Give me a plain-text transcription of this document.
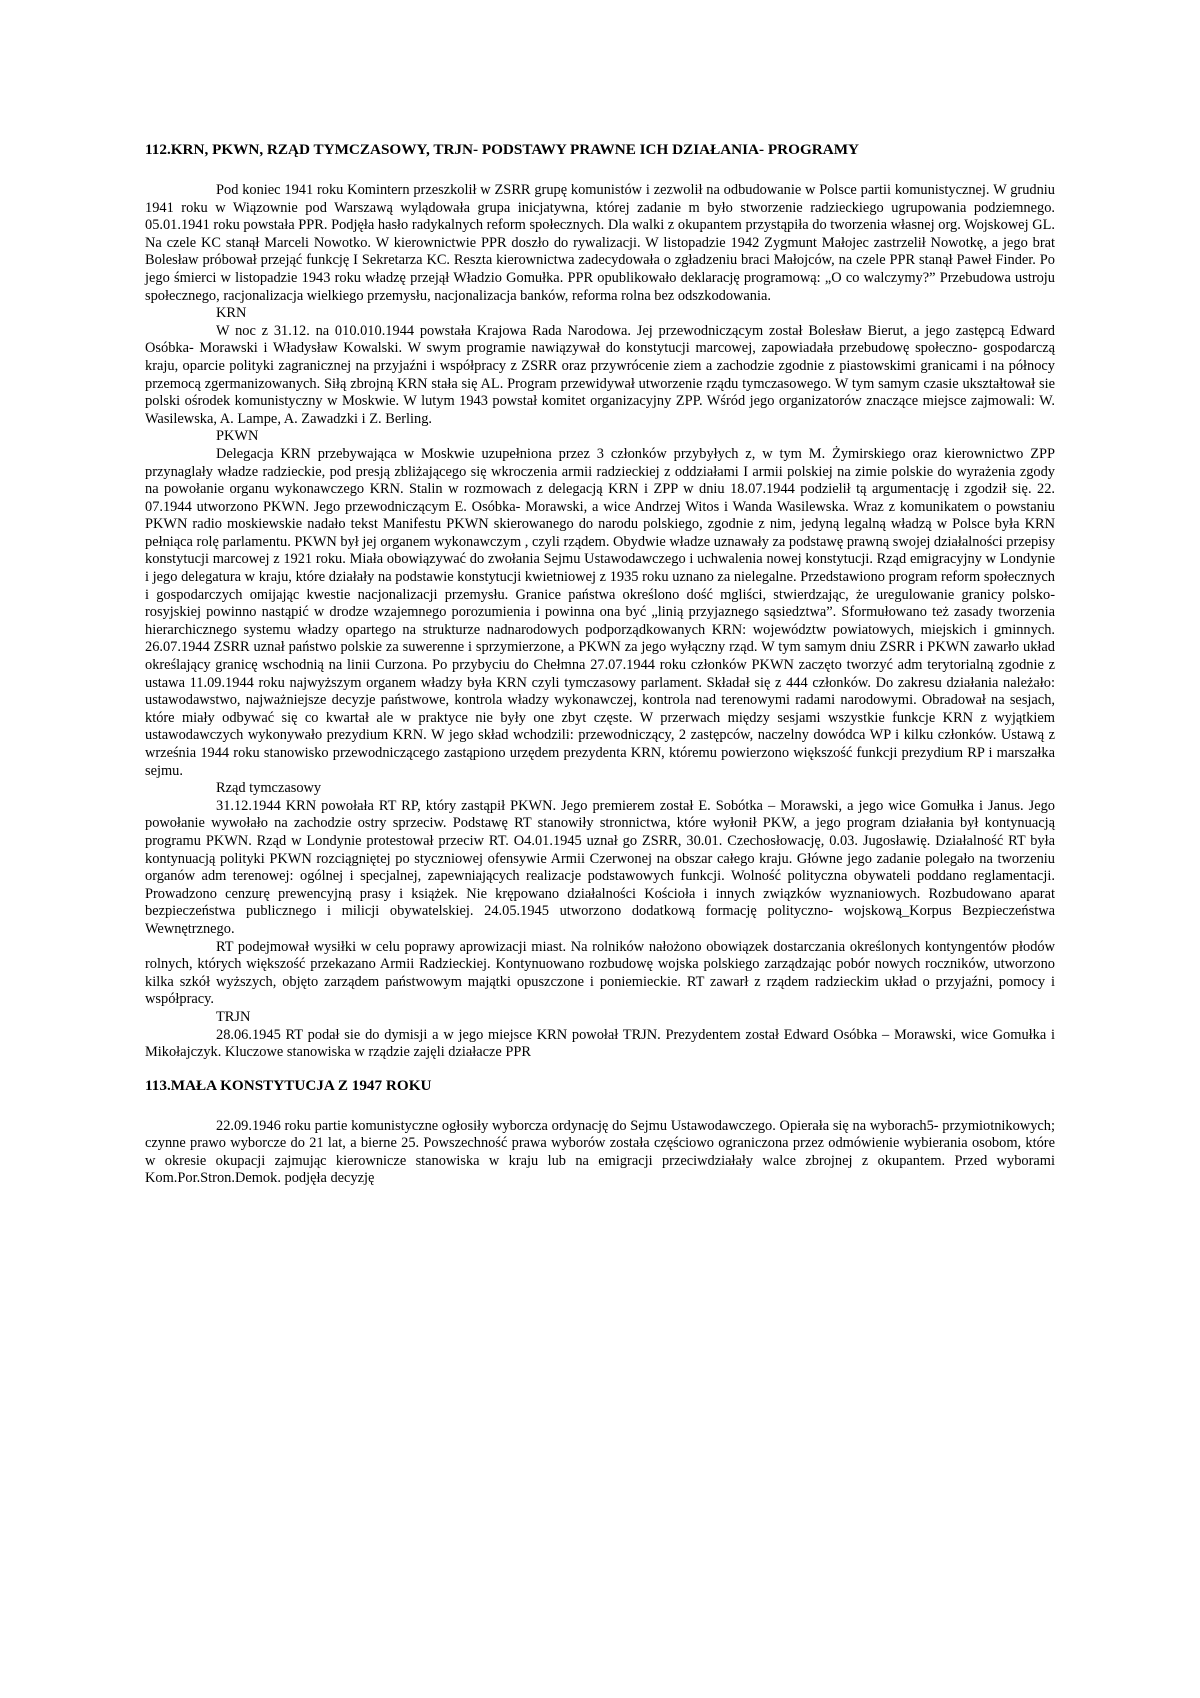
112.KRN, PKWN, RZĄD TYMCZASOWY, TRJN- PODSTAWY PRAWNE ICH DZIAŁANIA- PROGRAMY

Pod koniec 1941 roku Komintern przeszkolił w ZSRR grupę komunistów i zezwolił na odbudowanie w Polsce partii komunistycznej. W grudniu 1941 roku w Wiązownie pod Warszawą wylądowała grupa inicjatywna, której zadanie m było stworzenie radzieckiego ugrupowania podziemnego. 05.01.1941 roku powstała PPR. Podjęła hasło radykalnych reform społecznych. Dla walki z okupantem przystąpiła do tworzenia własnej org. Wojskowej GL. Na czele KC stanął Marceli Nowotko. W kierownictwie PPR doszło do rywalizacji. W listopadzie 1942 Zygmunt Małojec zastrzelił Nowotkę, a jego brat Bolesław próbował przejąć funkcję I Sekretarza KC. Reszta kierownictwa zadecydowała o zgładzeniu braci Małojców, na czele PPR stanął Paweł Finder. Po jego śmierci w listopadzie 1943 roku władzę przejął Władzio Gomułka. PPR opublikowało deklarację programową: „O co walczymy?” Przebudowa ustroju społecznego, racjonalizacja wielkiego przemysłu, nacjonalizacja banków, reforma rolna bez odszkodowania.

KRN

W noc z 31.12. na 010.010.1944 powstała Krajowa Rada Narodowa. Jej przewodniczącym został Bolesław Bierut, a jego zastępcą Edward Osóbka- Morawski i Władysław Kowalski. W swym programie nawiązywał do konstytucji marcowej, zapowiadała przebudowę społeczno- gospodarczą kraju, oparcie polityki zagranicznej na przyjaźni i współpracy z ZSRR oraz przywrócenie ziem a zachodzie zgodnie z piastowskimi granicami i na północy przemocą zgermanizowanych. Siłą zbrojną KRN stała się AL. Program przewidywał utworzenie rządu tymczasowego. W tym samym czasie ukształtował sie polski ośrodek komunistyczny w Moskwie. W lutym 1943 powstał komitet organizacyjny ZPP. Wśród jego organizatorów znaczące miejsce zajmowali: W. Wasilewska, A. Lampe, A. Zawadzki i Z. Berling.

PKWN

Delegacja KRN przebywająca w Moskwie uzupełniona przez 3 członków przybyłych z, w tym M. Żymirskiego oraz kierownictwo ZPP przynaglały władze radzieckie, pod presją zbliżającego się wkroczenia armii radzieckiej z oddziałami I armii polskiej na zimie polskie do wyrażenia zgody na powołanie organu wykonawczego KRN. Stalin w rozmowach z delegacją KRN i ZPP w dniu 18.07.1944 podzielił tą argumentację i zgodził się. 22. 07.1944 utworzono PKWN. Jego przewodniczącym E. Osóbka- Morawski, a wice Andrzej Witos i Wanda Wasilewska. Wraz z komunikatem o powstaniu PKWN radio moskiewskie nadało tekst Manifestu PKWN skierowanego do narodu polskiego, zgodnie z nim, jedyną legalną władzą w Polsce była KRN pełniąca rolę parlamentu. PKWN był jej organem wykonawczym , czyli rządem. Obydwie władze uznawały za podstawę prawną swojej działalności przepisy konstytucji marcowej z 1921 roku. Miała obowiązywać do zwołania Sejmu Ustawodawczego i uchwalenia nowej konstytucji. Rząd emigracyjny w Londynie i jego delegatura w kraju, które działały na podstawie konstytucji kwietniowej z 1935 roku uznano za nielegalne. Przedstawiono program reform społecznych i gospodarczych omijając kwestie nacjonalizacji przemysłu. Granice państwa określono dość mgliści, stwierdzając, że uregulowanie granicy polsko- rosyjskiej powinno nastąpić w drodze wzajemnego porozumienia i powinna ona być „linią przyjaznego sąsiedztwa”. Sformułowano też zasady tworzenia hierarchicznego systemu władzy opartego na strukturze nadnarodowych podporządkowanych KRN: województw powiatowych, miejskich i gminnych. 26.07.1944 ZSRR uznał państwo polskie za suwerenne i sprzymierzone, a PKWN za jego wyłączny rząd. W tym samym dniu ZSRR i PKWN zawarło układ określający granicę wschodnią na linii Curzona. Po przybyciu do Chełmna 27.07.1944 roku członków PKWN zaczęto tworzyć adm terytorialną zgodnie z ustawa 11.09.1944 roku najwyższym organem władzy była KRN czyli tymczasowy parlament. Składał się z 444 członków. Do zakresu działania należało: ustawodawstwo, najważniejsze decyzje państwowe, kontrola władzy wykonawczej, kontrola nad terenowymi radami narodowymi. Obradował na sesjach, które miały odbywać się co kwartał ale w praktyce nie były one zbyt częste. W przerwach między sesjami wszystkie funkcje KRN z wyjątkiem ustawodawczych wykonywało prezydium KRN. W jego skład wchodzili: przewodniczący, 2 zastępców, naczelny dowódca WP i kilku członków. Ustawą z września 1944 roku stanowisko przewodniczącego zastąpiono urzędem prezydenta KRN, któremu powierzono większość funkcji prezydium RP i marszałka sejmu.

Rząd tymczasowy

31.12.1944 KRN powołała RT RP, który zastąpił PKWN. Jego premierem został E. Sobótka – Morawski, a jego wice Gomułka i Janus. Jego powołanie wywołało na zachodzie ostry sprzeciw. Podstawę RT stanowiły stronnictwa, które wyłonił PKW, a jego program działania był kontynuacją programu PKWN. Rząd w Londynie protestował przeciw RT. O4.01.1945 uznał go ZSRR, 30.01. Czechosłowację, 0.03. Jugosławię. Działalność RT była kontynuacją polityki PKWN rozciągniętej po styczniowej ofensywie Armii Czerwonej na obszar całego kraju. Główne jego zadanie polegało na tworzeniu organów adm terenowej: ogólnej i specjalnej, zapewniających realizacje podstawowych funkcji. Wolność polityczna obywateli poddano reglamentacji. Prowadzono cenzurę prewencyjną prasy i książek. Nie krępowano działalności Kościoła i innych związków wyznaniowych. Rozbudowano aparat bezpieczeństwa publicznego i milicji obywatelskiej. 24.05.1945 utworzono dodatkową formację polityczno- wojskową_Korpus Bezpieczeństwa Wewnętrznego.

RT podejmował wysiłki w celu poprawy aprowizacji miast. Na rolników nałożono obowiązek dostarczania określonych kontyngentów płodów rolnych, których większość przekazano Armii Radzieckiej. Kontynuowano rozbudowę wojska polskiego zarządzając pobór nowych roczników, utworzono kilka szkół wyższych, objęto zarządem państwowym majątki opuszczone i poniemieckie. RT zawarł z rządem radzieckim układ o przyjaźni, pomocy i współpracy.

TRJN

28.06.1945 RT podał sie do dymisji a w jego miejsce KRN powołał TRJN. Prezydentem został Edward Osóbka – Morawski, wice Gomułka i Mikołajczyk. Kluczowe stanowiska w rządzie zajęli działacze PPR

113.MAŁA KONSTYTUCJA Z 1947 ROKU

22.09.1946 roku partie komunistyczne ogłosiły wyborcza ordynację do Sejmu Ustawodawczego. Opierała się na wyborach5- przymiotnikowych; czynne prawo wyborcze do 21 lat, a bierne 25. Powszechność prawa wyborów została częściowo ograniczona przez odmówienie wybierania osobom, które w okresie okupacji zajmując kierownicze stanowiska w kraju lub na emigracji przeciwdziałały walce zbrojnej z okupantem. Przed wyborami Kom.Por.Stron.Demok. podjęła decyzję
